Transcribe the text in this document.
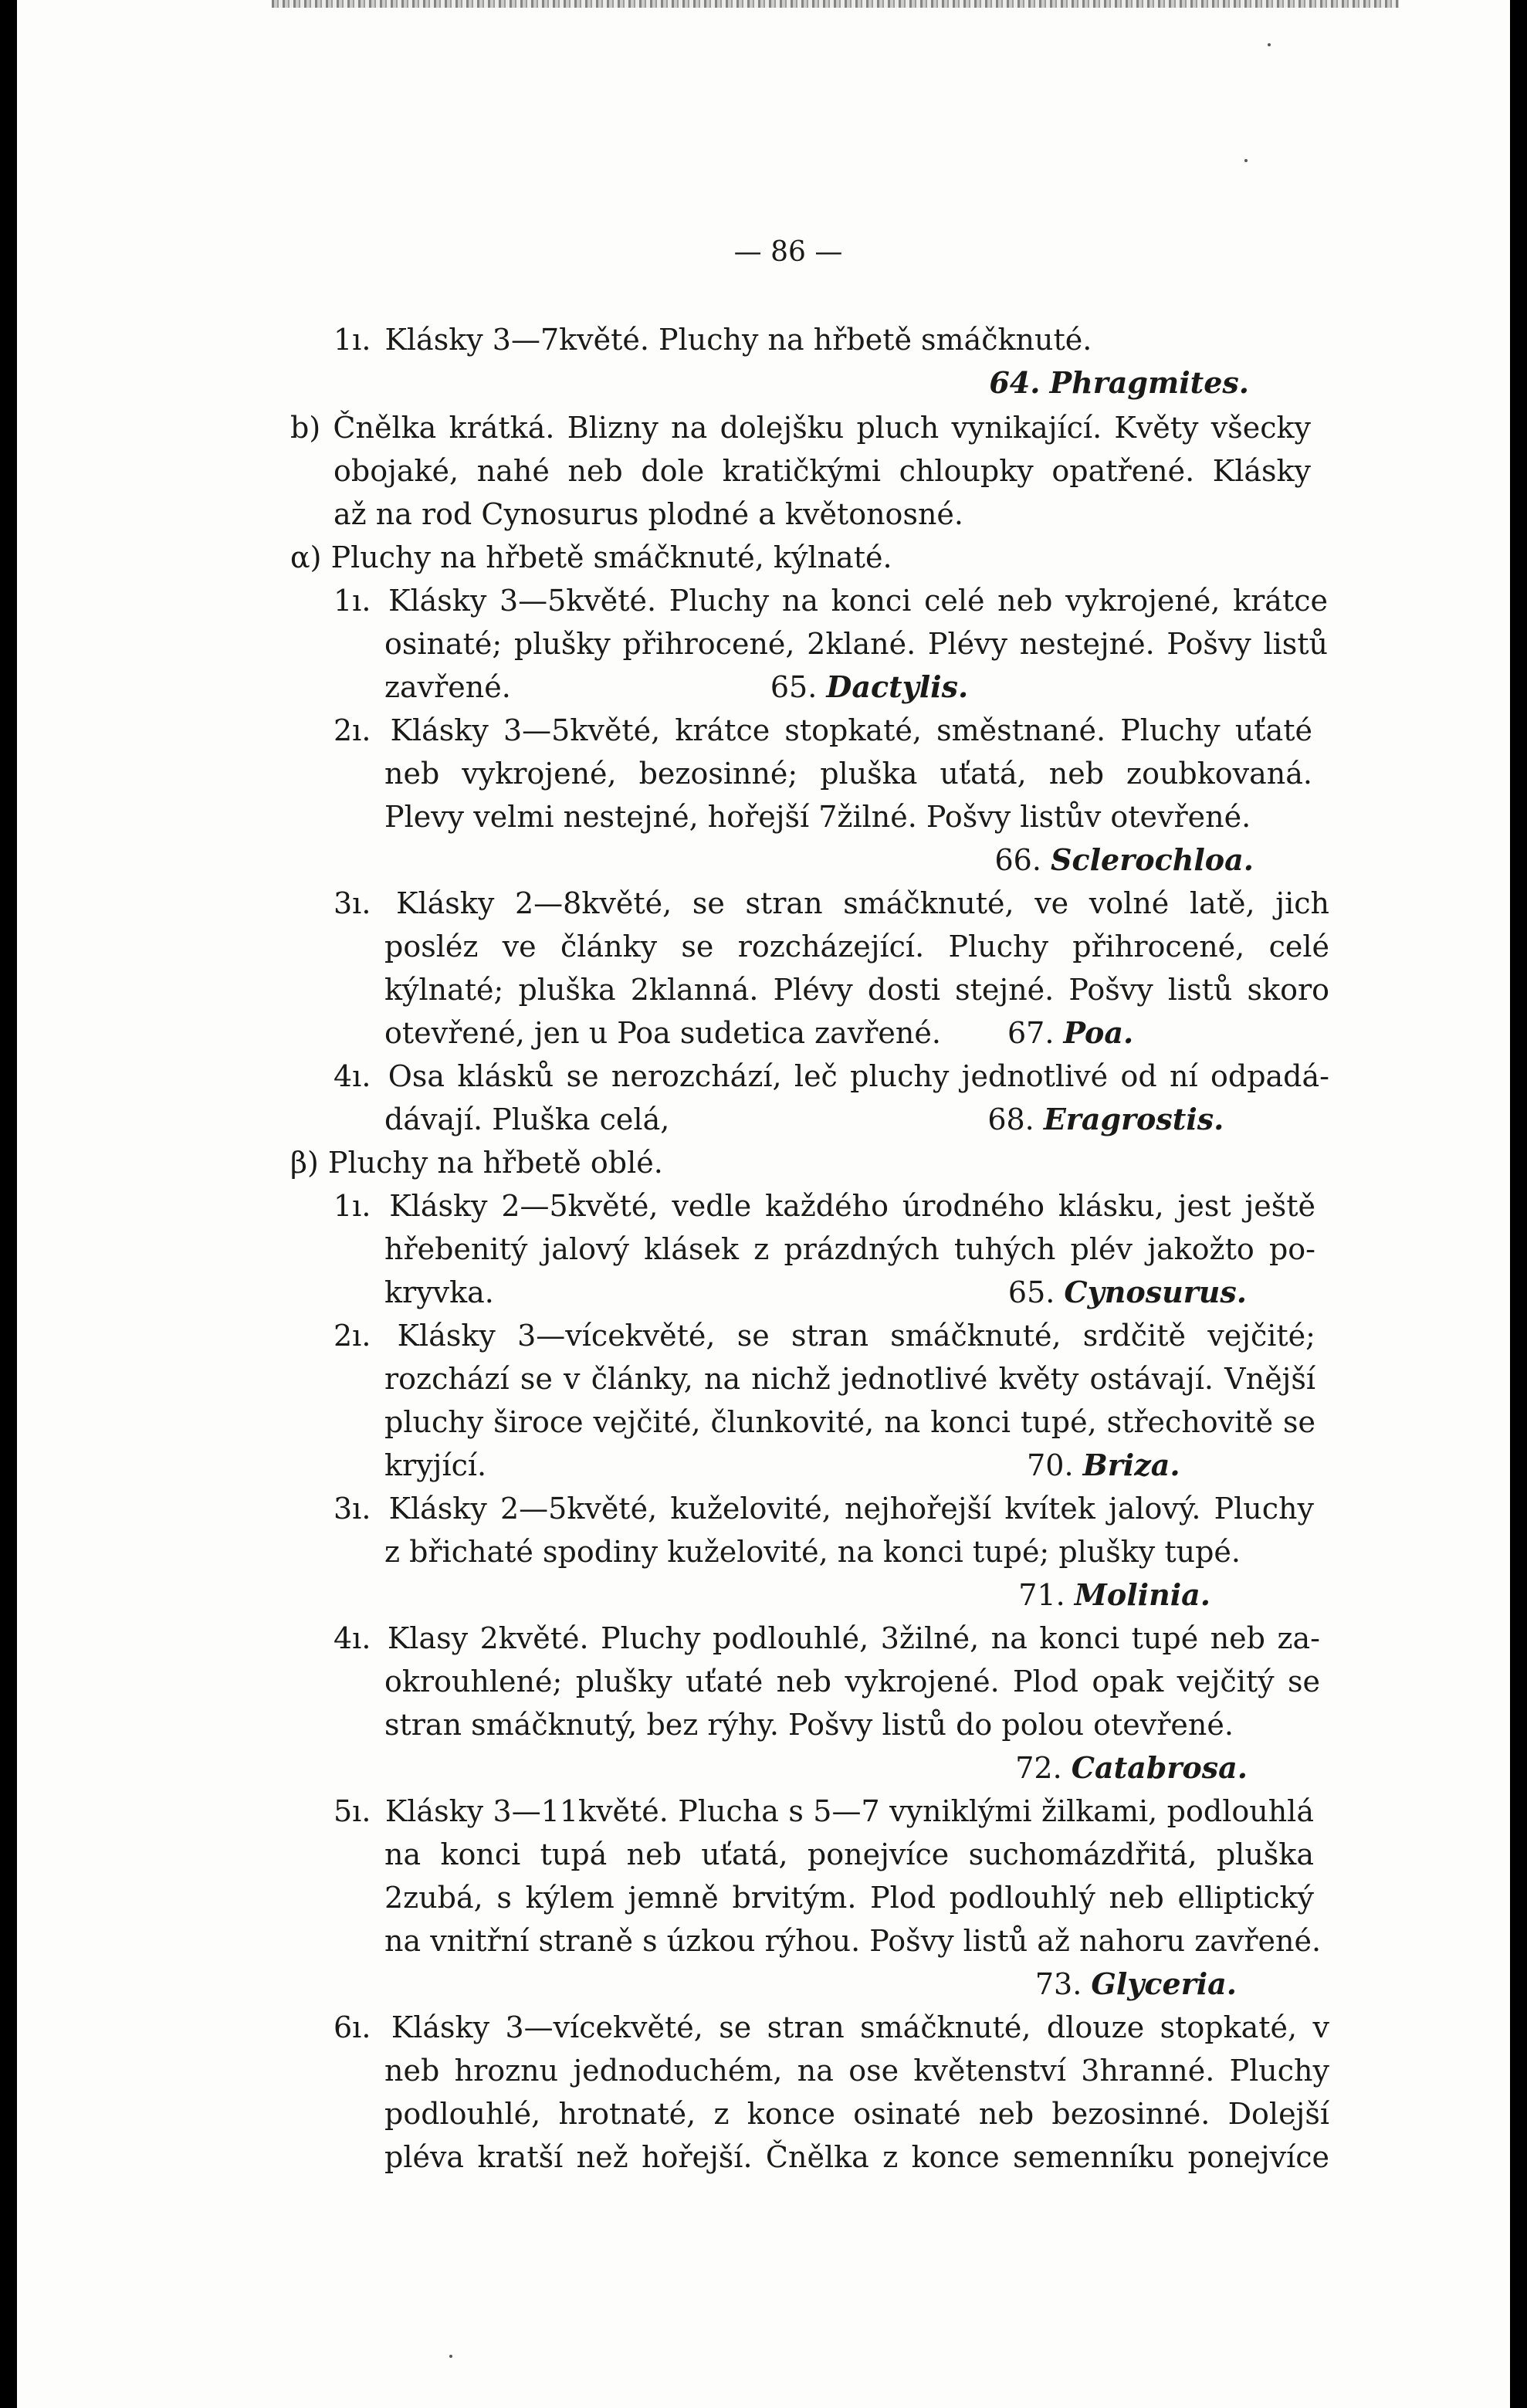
— 86 —
1ı. Klásky 3—7květé. Pluchy na hřbetě smáčknuté.
64. Phragmites.
b) Čnělka krátká. Blizny na dolejšku pluch vynikající. Květy všecky
obojaké, nahé neb dole kratičkými chloupky opatřené. Klásky
až na rod Cynosurus plodné a květonosné.
α) Pluchy na hřbetě smáčknuté, kýlnaté.
1ı. Klásky 3—5květé. Pluchy na konci celé neb vykrojené, krátce
osinaté; plušky přihrocené, 2klané. Plévy nestejné. Pošvy listů
zavřené.	65. Dactylis.
2ı. Klásky 3—5květé, krátce stopkaté, směstnané. Pluchy uťaté
neb vykrojené, bezosinné; pluška uťatá, neb zoubkovaná.
Plevy velmi nestejné, hořejší 7žilné. Pošvy listův otevřené.
66. Sclerochloa.
3ı. Klásky 2—8květé, se stran smáčknuté, ve volné latě, jich
posléz ve články se rozcházející. Pluchy přihrocené, celé
kýlnaté; pluška 2klanná. Plévy dosti stejné. Pošvy listů skoro
otevřené, jen u Poa sudetica zavřené. 67. Poa.
4ı. Osa klásků se nerozchází, leč pluchy jednotlivé od ní odpadá-
dávají. Pluška celá,	68. Eragrostis.
β) Pluchy na hřbetě oblé.
1ı. Klásky 2—5květé, vedle každého úrodného klásku, jest ještě
hřebenitý jalový klásek z prázdných tuhých plév jakožto po-
kryvka.	65. Cynosurus.
2ı. Klásky 3—vícekvěté, se stran smáčknuté, srdčitě vejčité;
rozchází se v články, na nichž jednotlivé květy ostávají. Vnější
pluchy široce vejčité, člunkovité, na konci tupé, střechovitě se
kryjící.	70. Briza.
3ı. Klásky 2—5květé, kuželovité, nejhořejší kvítek jalový. Pluchy
z břichaté spodiny kuželovité, na konci tupé; plušky tupé.
71. Molinia.
4ı. Klasy 2květé. Pluchy podlouhlé, 3žilné, na konci tupé neb za-
okrouhlené; plušky uťaté neb vykrojené. Plod opak vejčitý se
stran smáčknutý, bez rýhy. Pošvy listů do polou otevřené.
72. Catabrosa.
5ı. Klásky 3—11květé. Plucha s 5—7 vyniklými žilkami, podlouhlá
na konci tupá neb uťatá, ponejvíce suchomázdřitá, pluška
2zubá, s kýlem jemně brvitým. Plod podlouhlý neb elliptický
na vnitřní straně s úzkou rýhou. Pošvy listů až nahoru zavřené.
73. Glyceria.
6ı. Klásky 3—vícekvěté, se stran smáčknuté, dlouze stopkaté, v
neb hroznu jednoduchém, na ose květenství 3hranné. Pluchy
podlouhlé, hrotnaté, z konce osinaté neb bezosinné. Dolejší
pléva kratší než hořejší. Čnělka z konce semenníku ponejvíce
